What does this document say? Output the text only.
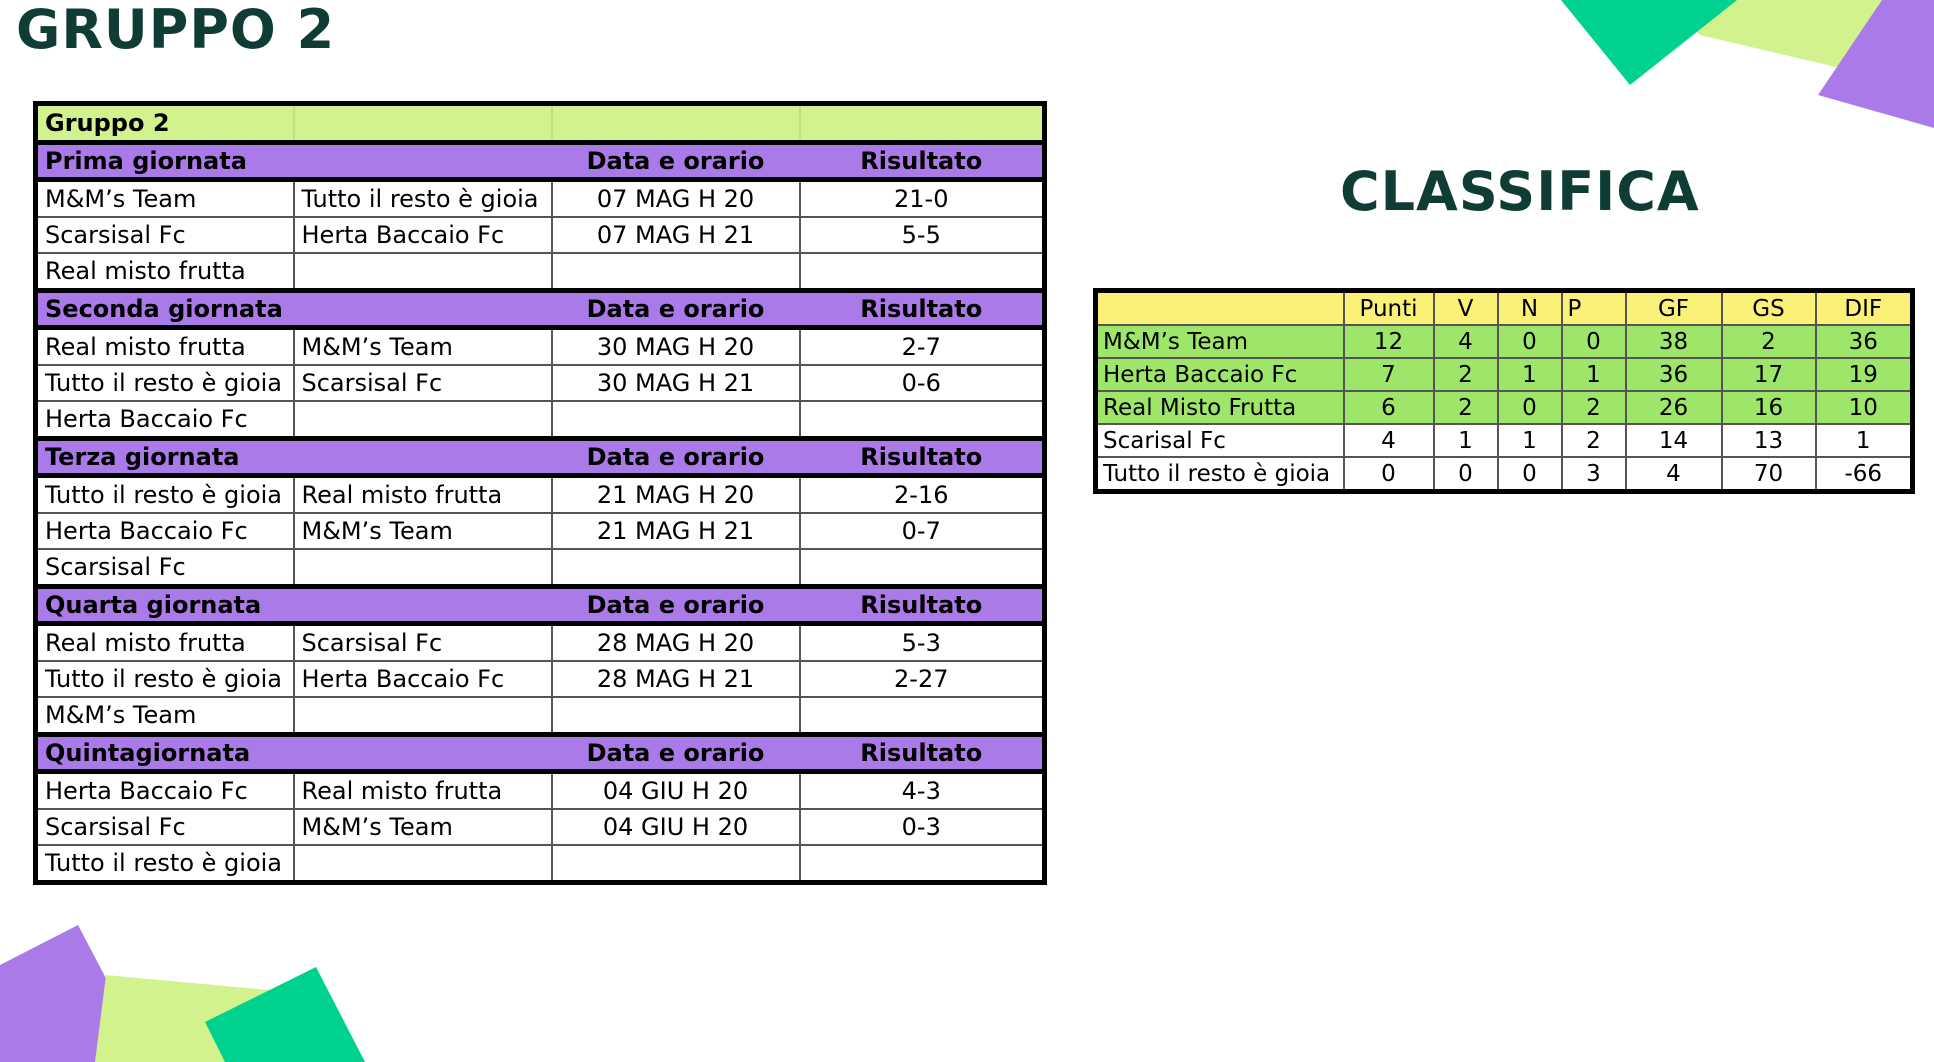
GRUPPO 2
CLASSIFICA
Gruppo 2			
Prima giornata		Data e orario	Risultato
M&M’s Team	Tutto il resto è gioia	07 MAG H 20	21-0
Scarsisal Fc	Herta Baccaio Fc	07 MAG H 21	5-5
Real misto frutta			
Seconda giornata		Data e orario	Risultato
Real misto frutta	M&M’s Team	30 MAG H 20	2-7
Tutto il resto è gioia	Scarsisal Fc	30 MAG H 21	0-6
Herta Baccaio Fc			
Terza giornata		Data e orario	Risultato
Tutto il resto è gioia	Real misto frutta	21 MAG H 20	2-16
Herta Baccaio Fc	M&M’s Team	21 MAG H 21	0-7
Scarsisal Fc			
Quarta giornata		Data e orario	Risultato
Real misto frutta	Scarsisal Fc	28 MAG H 20	5-3
Tutto il resto è gioia	Herta Baccaio Fc	28 MAG H 21	2-27
M&M’s Team			
Quintagiornata		Data e orario	Risultato
Herta Baccaio Fc	Real misto frutta	04 GIU H 20	4-3
Scarsisal Fc	M&M’s Team	04 GIU H 20	0-3
Tutto il resto è gioia			
	Punti	V	N	P	GF	GS	DIF
M&M’s Team	12	4	0	0	38	2	36
Herta Baccaio Fc	7	2	1	1	36	17	19
Real Misto Frutta	6	2	0	2	26	16	10
Scarisal Fc	4	1	1	2	14	13	1
Tutto il resto è gioia	0	0	0	3	4	70	-66
